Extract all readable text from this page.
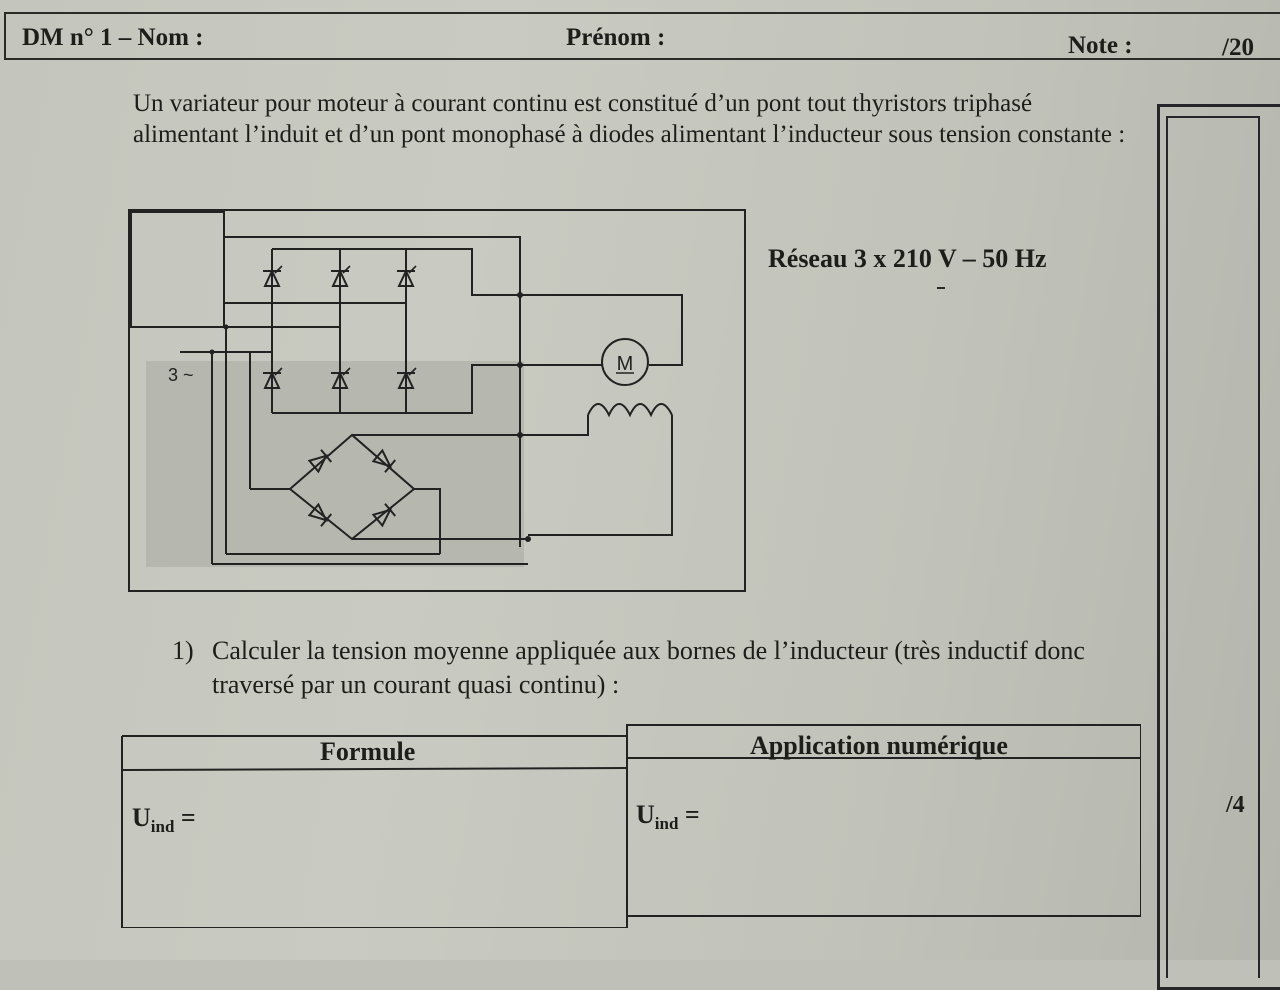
DM n° 1 – Nom :	Prénom :	Note :	/20
Un variateur pour moteur à courant continu est constitué d’un pont tout thyristors triphasé alimentant l’induit et d’un pont monophasé à diodes alimentant l’inducteur sous tension constante :
M
3 ~
Réseau 3 x 210 V – 50 Hz
1) Calculer la tension moyenne appliquée aux bornes de l’inducteur (très inductif donc traversé par un courant quasi continu) :
Formule	Application numérique
$U_{ind}$ =	$U_{ind}$ =	/4
